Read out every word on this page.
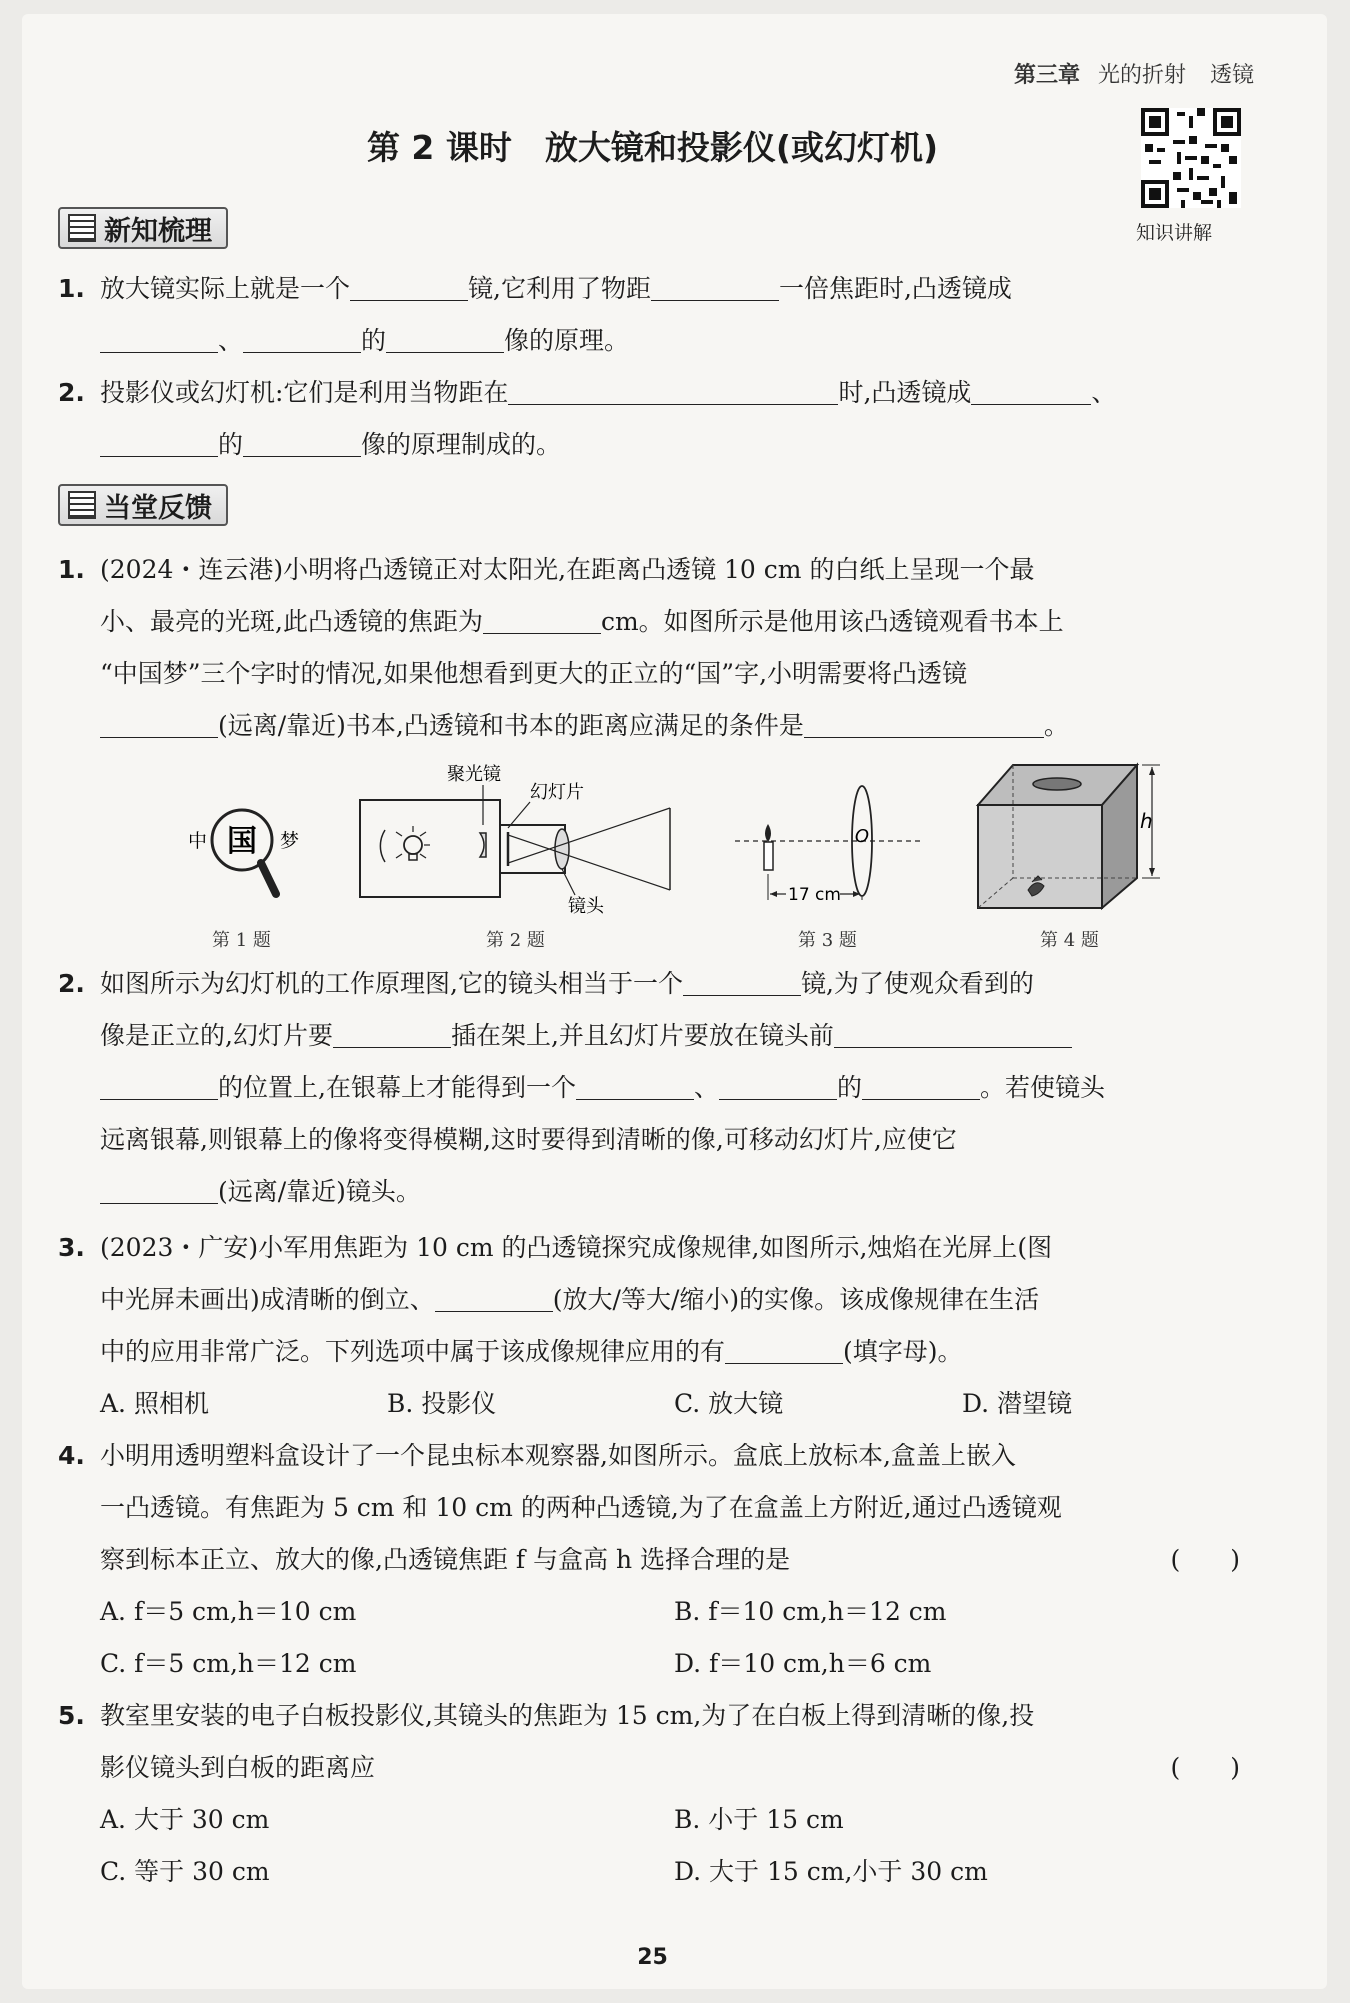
第三章 光的折射 透镜
第 2 课时　放大镜和投影仪(或幻灯机)
知识讲解
新知梳理
1. 放大镜实际上就是一个	镜,它利用了物距	一倍焦距时,凸透镜成
、	的	像的原理。
2. 投影仪或幻灯机:它们是利用当物距在	时,凸透镜成	、
的	像的原理制成的。
当堂反馈
1. (2024・连云港)小明将凸透镜正对太阳光,在距离凸透镜 10 cm 的白纸上呈现一个最
小、最亮的光斑,此凸透镜的焦距为	cm。如图所示是他用该凸透镜观看书本上
“中国梦”三个字时的情况,如果他想看到更大的正立的“国”字,小明需要将凸透镜
(远离/靠近)书本,凸透镜和书本的距离应满足的条件是	。
中 国 梦
聚光镜
幻灯片
镜头
O
17 cm
h
第 1 题	第 2 题	第 3 题	第 4 题
2. 如图所示为幻灯机的工作原理图,它的镜头相当于一个	镜,为了使观众看到的
像是正立的,幻灯片要	插在架上,并且幻灯片要放在镜头前
的位置上,在银幕上才能得到一个	、	的	。若使镜头
远离银幕,则银幕上的像将变得模糊,这时要得到清晰的像,可移动幻灯片,应使它
(远离/靠近)镜头。
3. (2023・广安)小军用焦距为 10 cm 的凸透镜探究成像规律,如图所示,烛焰在光屏上(图
中光屏未画出)成清晰的倒立、	(放大/等大/缩小)的实像。该成像规律在生活
中的应用非常广泛。下列选项中属于该成像规律应用的有	(填字母)。
A. 照相机	B. 投影仪	C. 放大镜	D. 潜望镜
4. 小明用透明塑料盒设计了一个昆虫标本观察器,如图所示。盒底上放标本,盒盖上嵌入
一凸透镜。有焦距为 5 cm 和 10 cm 的两种凸透镜,为了在盒盖上方附近,通过凸透镜观
察到标本正立、放大的像,凸透镜焦距 f 与盒高 h 选择合理的是	(　　)
A. f＝5 cm,h＝10 cm	B. f＝10 cm,h＝12 cm
C. f＝5 cm,h＝12 cm	D. f＝10 cm,h＝6 cm
5. 教室里安装的电子白板投影仪,其镜头的焦距为 15 cm,为了在白板上得到清晰的像,投
影仪镜头到白板的距离应	(　　)
A. 大于 30 cm	B. 小于 15 cm
C. 等于 30 cm	D. 大于 15 cm,小于 30 cm
25
